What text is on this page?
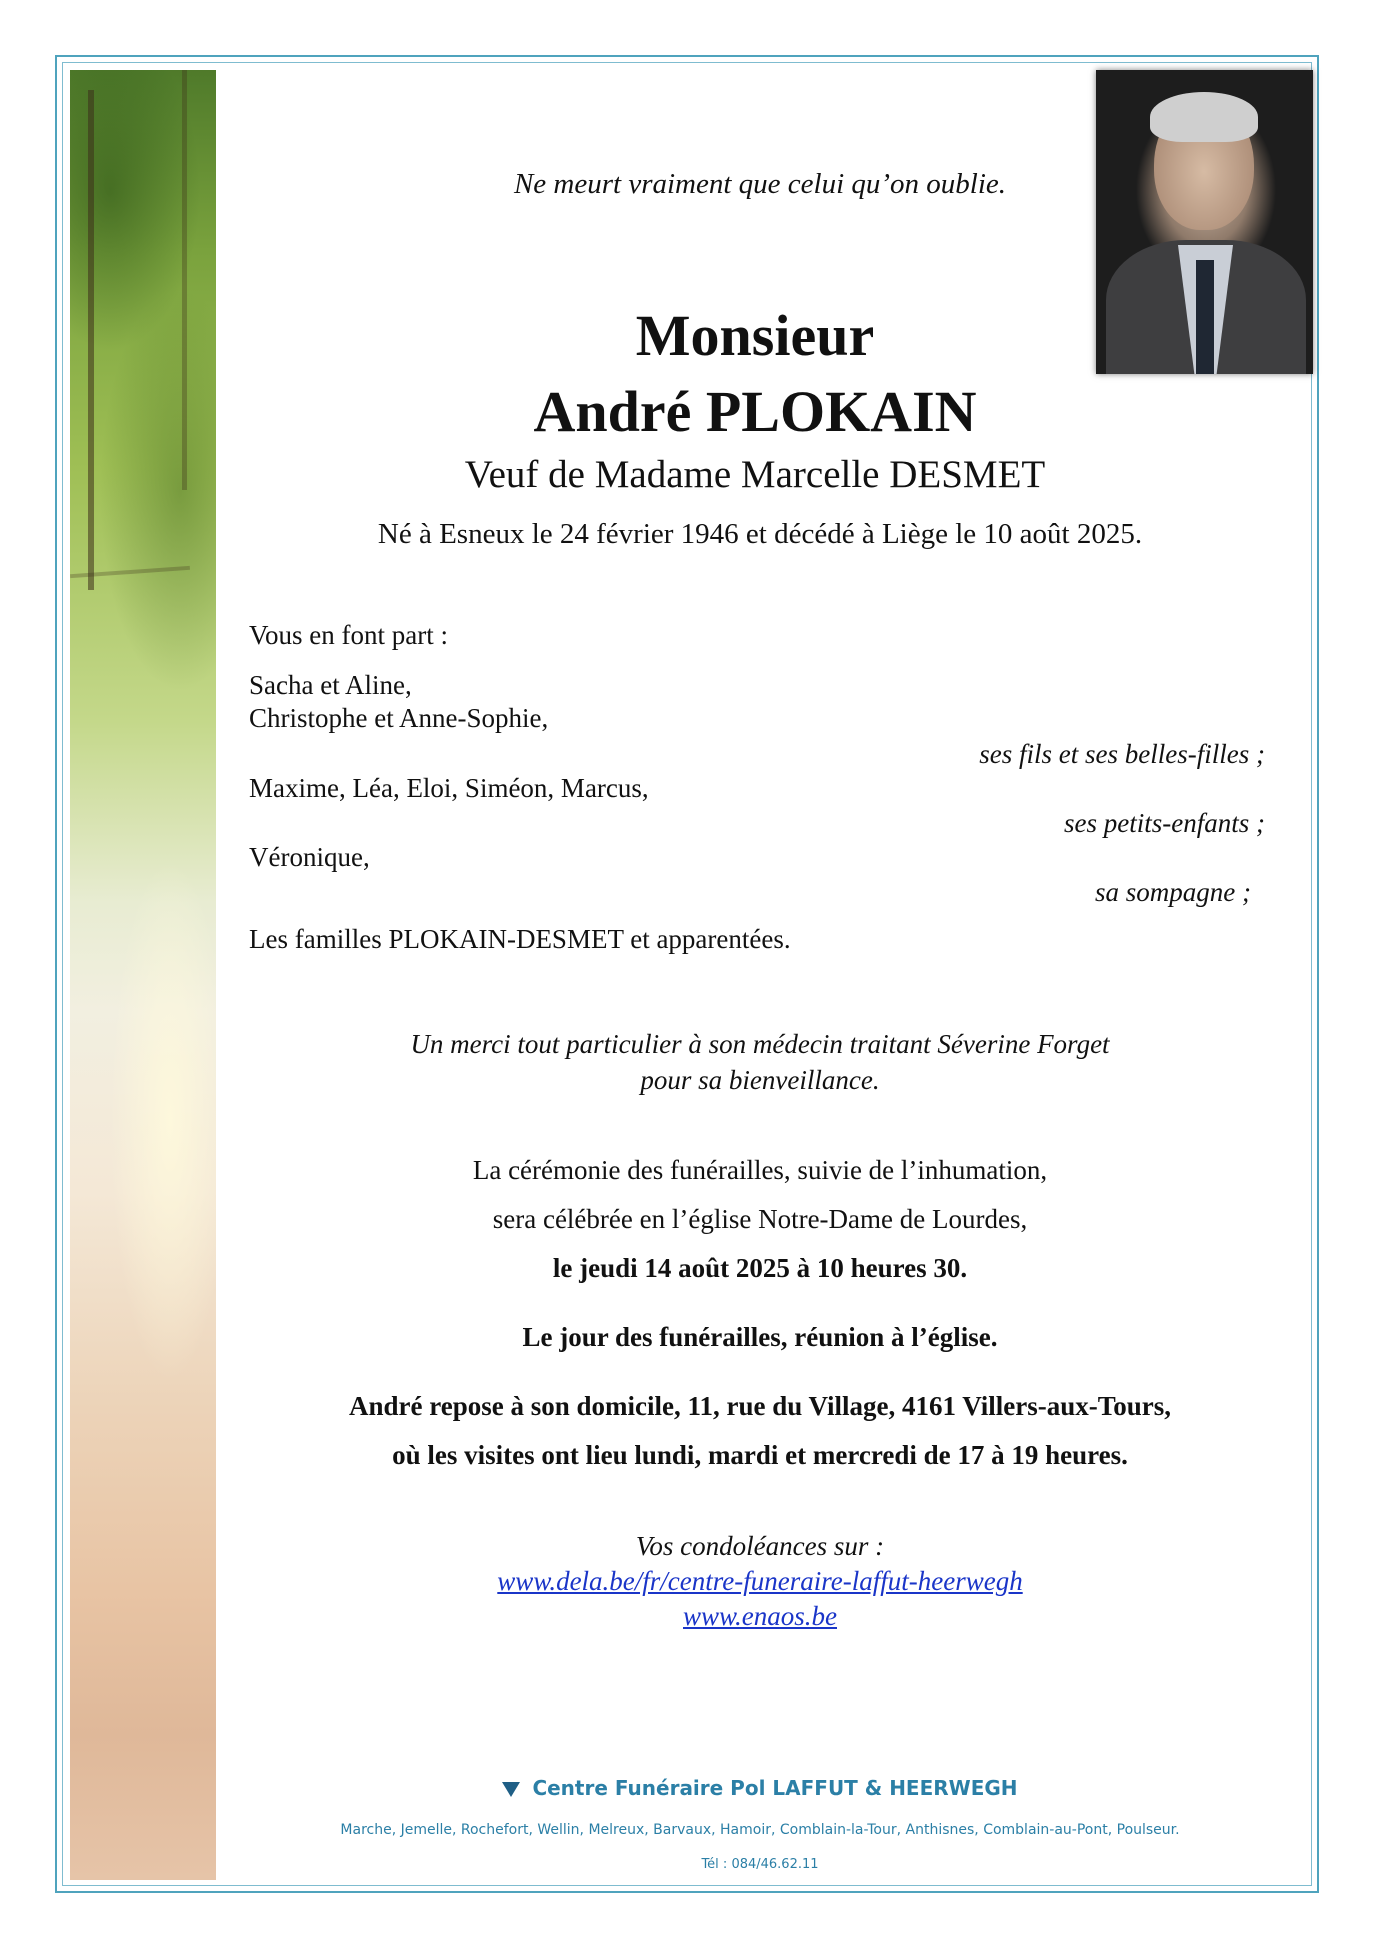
Ne meurt vraiment que celui qu’on oublie.
Monsieur
André PLOKAIN
Veuf de Madame Marcelle DESMET
Né à Esneux le 24 février 1946 et décédé à Liège le 10 août 2025.
Vous en font part :
Sacha et Aline,
Christophe et Anne-Sophie,
ses fils et ses belles-filles ;
Maxime, Léa, Eloi, Siméon, Marcus,
ses petits-enfants ;
Véronique,
sa sompagne ;
Les familles PLOKAIN-DESMET et apparentées.
Un merci tout particulier à son médecin traitant Séverine Forget
pour sa bienveillance.
La cérémonie des funérailles, suivie de l’inhumation,
sera célébrée en l’église Notre-Dame de Lourdes,
le jeudi 14 août 2025 à 10 heures 30.
Le jour des funérailles, réunion à l’église.
André repose à son domicile, 11, rue du Village, 4161 Villers-aux-Tours,
où les visites ont lieu lundi, mardi et mercredi de 17 à 19 heures.
Vos condoléances sur :
www.dela.be/fr/centre-funeraire-laffut-heerwegh
www.enaos.be
Centre Funéraire Pol LAFFUT & HEERWEGH
Marche, Jemelle, Rochefort, Wellin, Melreux, Barvaux, Hamoir, Comblain-la-Tour, Anthisnes, Comblain-au-Pont, Poulseur.
Tél : 084/46.62.11
